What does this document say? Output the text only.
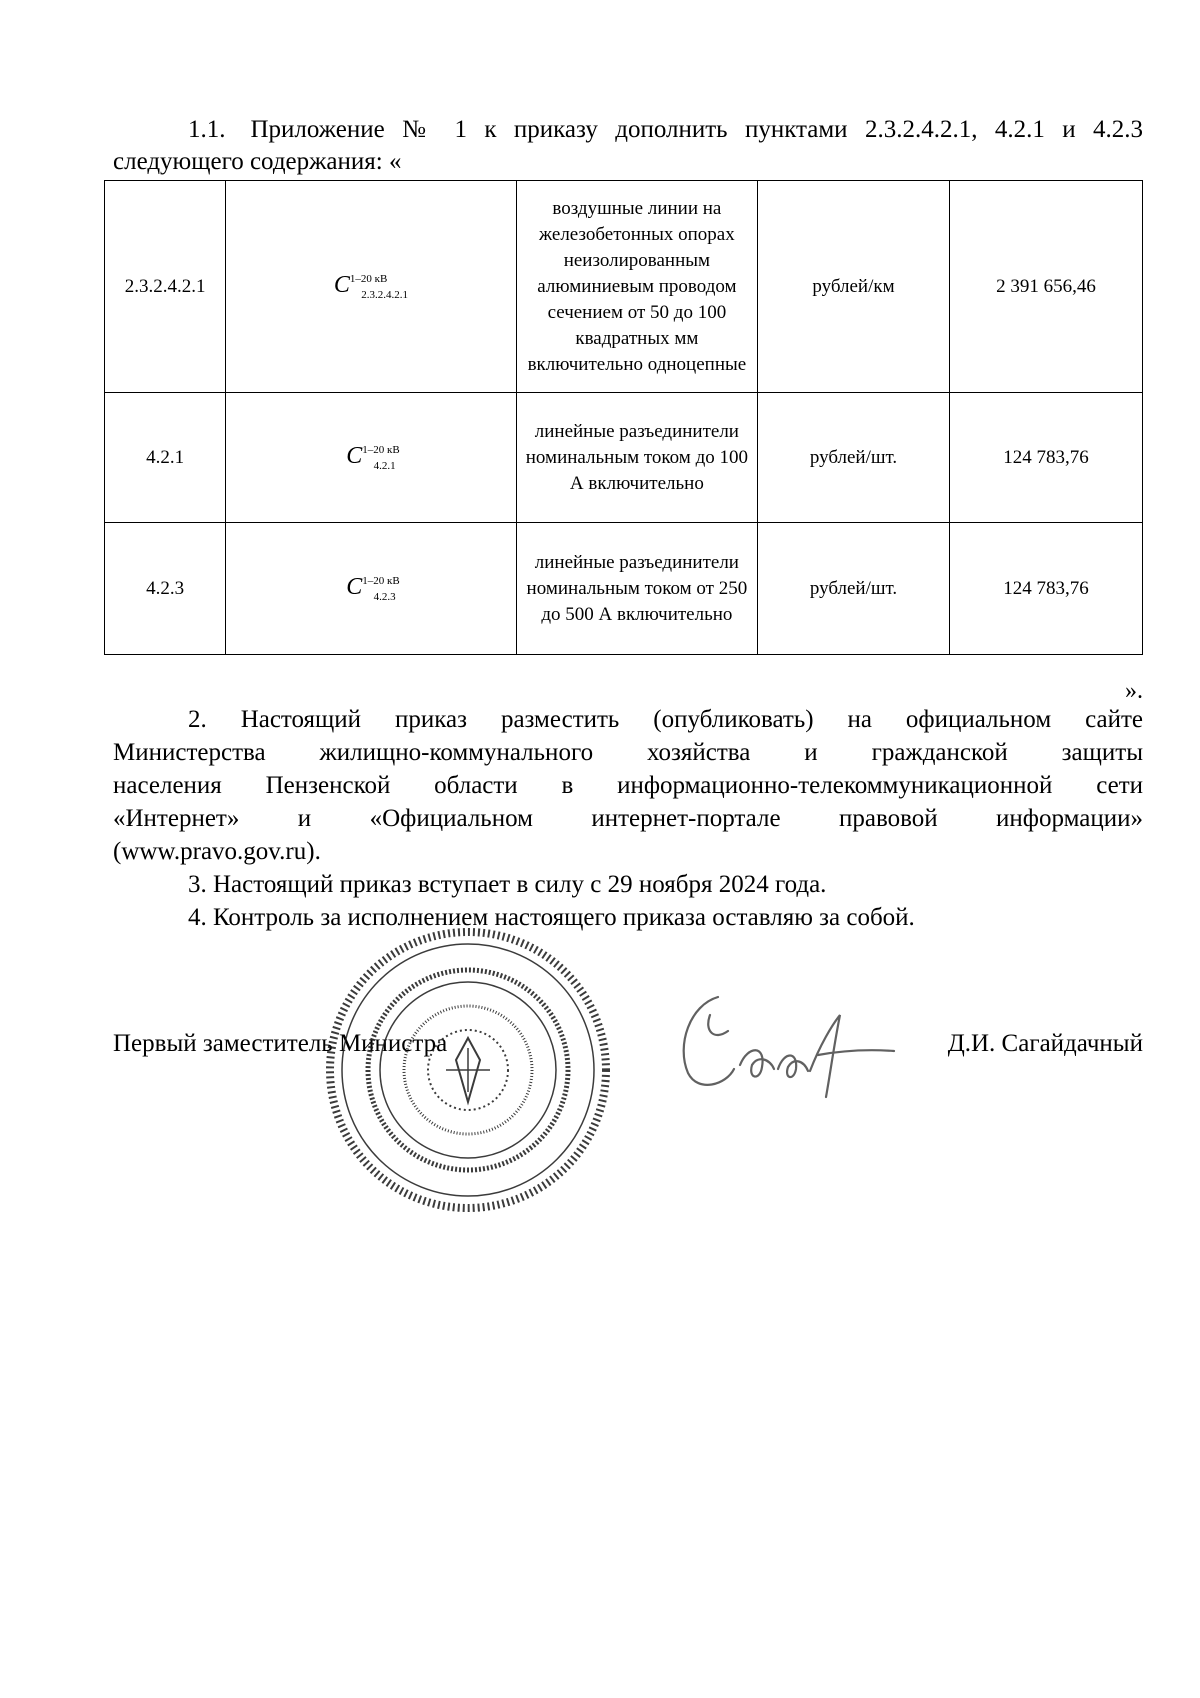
1.1. Приложение № 1 к приказу дополнить пунктами 2.3.2.4.2.1, 4.2.1 и 4.2.3
следующего содержания: «
2.3.2.4.2.1	$C^{1-20 кВ}_{2.3.2.4.2.1}$	воздушные линии на железобетонных опорах неизолированным алюминиевым проводом сечением от 50 до 100 квадратных мм включительно одноцепные	рублей/км	2 391 656,46
4.2.1	$C^{1-20 кВ}_{4.2.1}$	линейные разъединители номинальным током до 100 А включительно	рублей/шт.	124 783,76
4.2.3	$C^{1-20 кВ}_{4.2.3}$	линейные разъединители номинальным током от 250 до 500 А включительно	рублей/шт.	124 783,76
».
2. Настоящий приказ разместить (опубликовать) на официальном сайте
Министерства жилищно-коммунального хозяйства и гражданской защиты
населения Пензенской области в информационно-телекоммуникационной сети
«Интернет» и «Официальном интернет-портале правовой информации»
(www.pravo.gov.ru).
3. Настоящий приказ вступает в силу с 29 ноября 2024 года.
4. Контроль за исполнением настоящего приказа оставляю за собой.
Первый заместитель Министра	Д.И. Сагайдачный
